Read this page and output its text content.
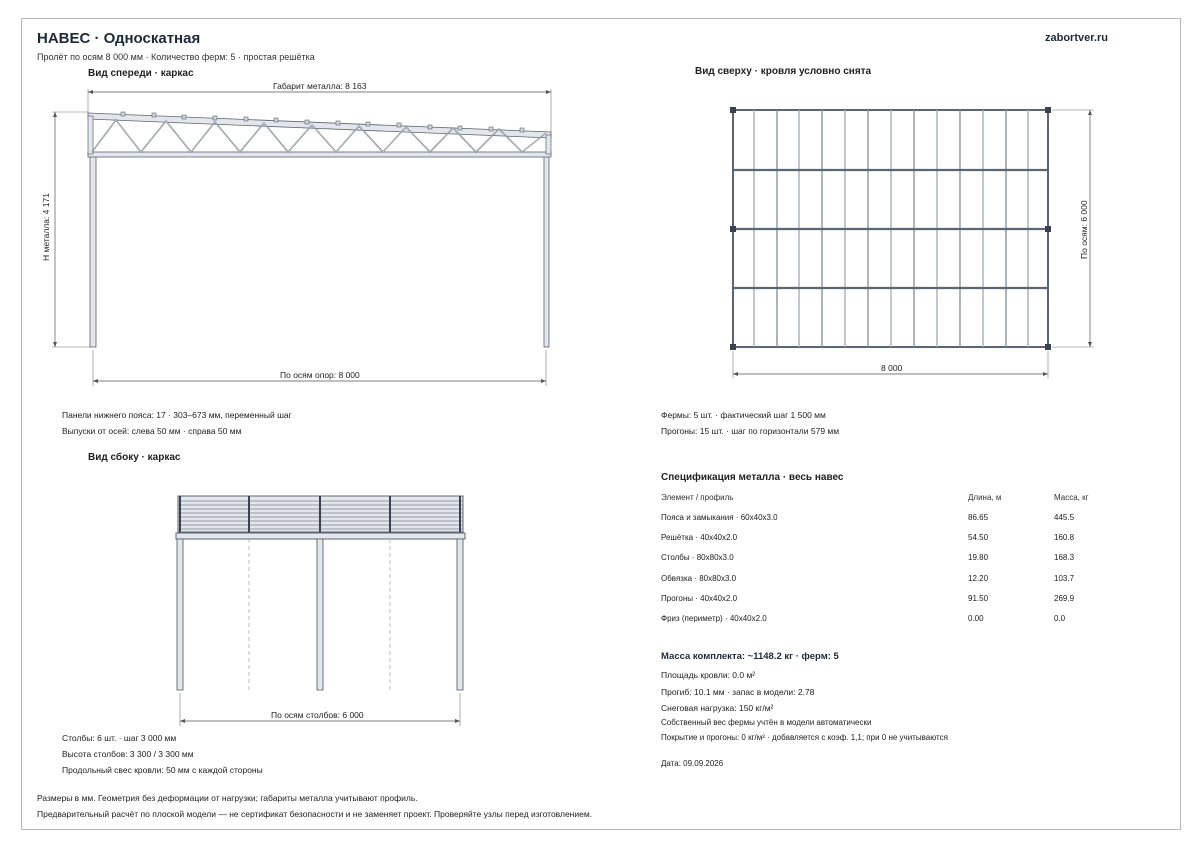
НАВЕС · Односкатная
Пролёт по осям 8 000 мм · Количество ферм: 5 · простая решётка
zabortver.ru
Вид спереди · каркас
Габарит металла: 8 163
Н металла: 4 171
По осям опор: 8 000
Панели нижнего пояса: 17 · 303–673 мм, переменный шаг
Выпуски от осей: слева 50 мм · справа 50 мм
Вид сверху · кровля условно снята
По осям: 6 000
8 000
Фермы: 5 шт. · фактический шаг 1 500 мм
Прогоны: 15 шт. · шаг по горизонтали 579 мм
Вид сбоку · каркас
По осям столбов: 6 000
Столбы: 6 шт. · шаг 3 000 мм
Высота столбов: 3 300 / 3 300 мм
Продольный свес кровли: 50 мм с каждой стороны
Спецификация металла · весь навес
Элемент / профиль	Длина, м	Масса, кг
Пояса и замыкания · 60x40x3.0	86.65	445.5
Решётка · 40x40x2.0	54.50	160.8
Столбы · 80x80x3.0	19.80	168.3
Обвязка · 80x80x3.0	12.20	103.7
Прогоны · 40x40x2.0	91.50	269.9
Фриз (периметр) · 40x40x2.0	0.00	0.0
Масса комплекта: ~1148.2 кг · ферм: 5
Площадь кровли: 0.0 м²
Прогиб: 10.1 мм · запас в модели: 2.78
Снеговая нагрузка: 150 кг/м²
Собственный вес фермы учтён в модели автоматически
Покрытие и прогоны: 0 кг/м² · добавляется с коэф. 1,1; при 0 не учитываются
Дата: 09.09.2026
Размеры в мм. Геометрия без деформации от нагрузки; габариты металла учитывают профиль.
Предварительный расчёт по плоской модели — не сертификат безопасности и не заменяет проект. Проверяйте узлы перед изготовлением.
